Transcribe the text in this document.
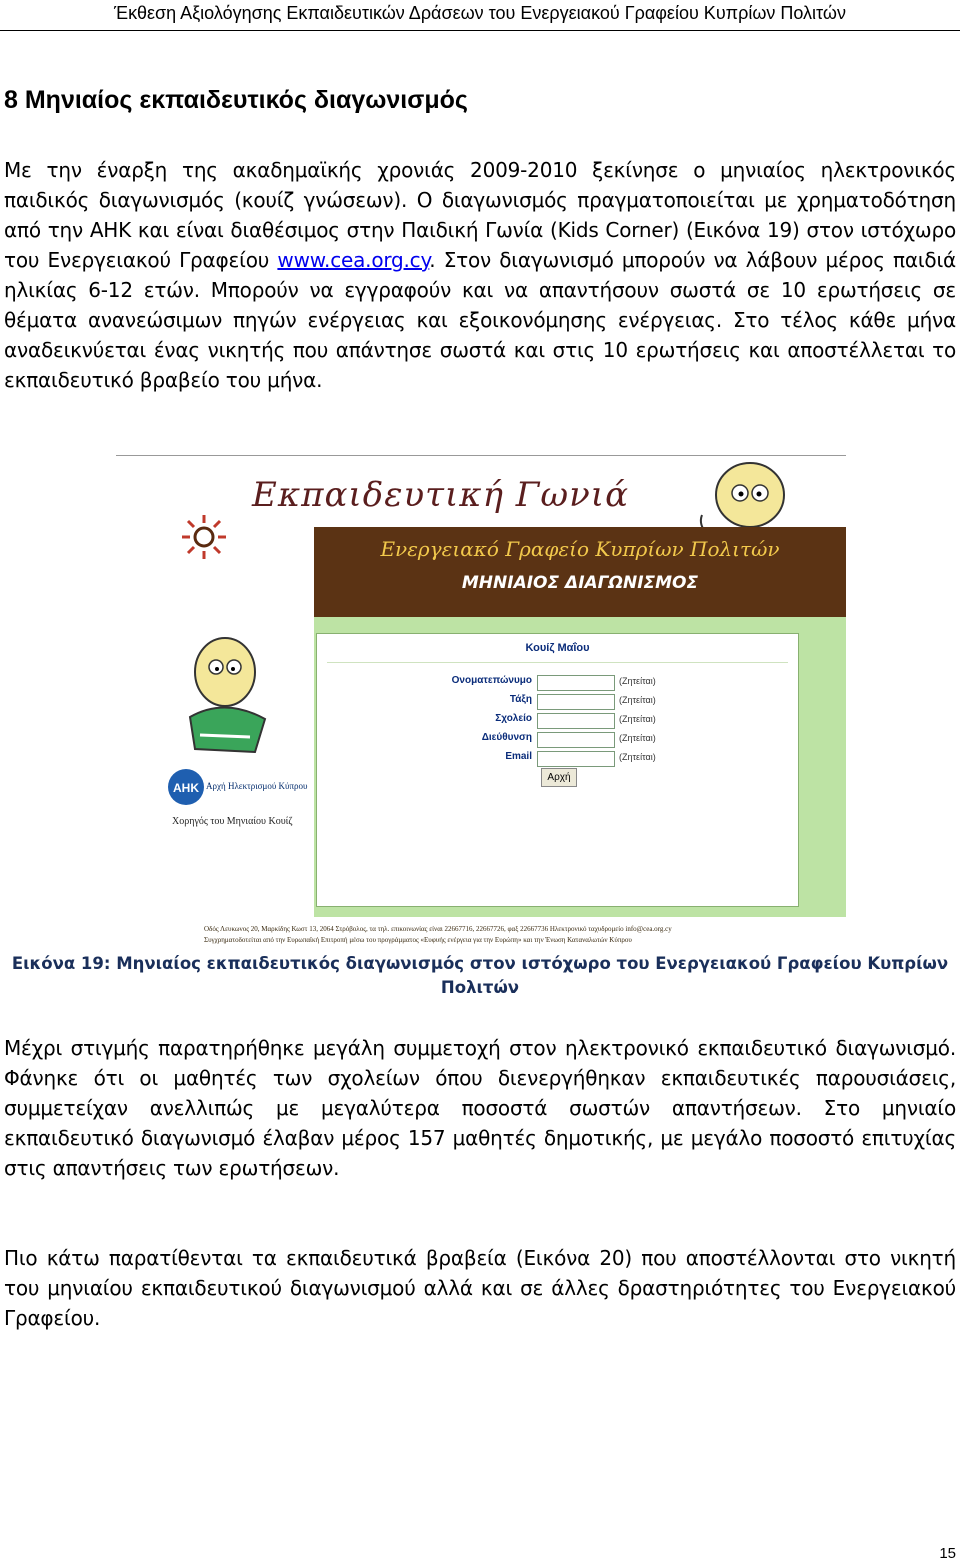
Έκθεση Αξιολόγησης Εκπαιδευτικών Δράσεων του Ενεργειακού Γραφείου Κυπρίων Πολιτών
8 Μηνιαίος εκπαιδευτικός διαγωνισμός

Με την έναρξη της ακαδημαϊκής χρονιάς 2009-2010 ξεκίνησε ο μηνιαίος ηλεκτρονικός παιδικός διαγωνισμός (κουίζ γνώσεων). Ο διαγωνισμός πραγματοποιείται με χρηματοδότηση από την ΑΗΚ και είναι διαθέσιμος στην Παιδική Γωνία (Kids Corner) (Εικόνα 19) στον ιστόχωρο του Ενεργειακού Γραφείου www.cea.org.cy. Στον διαγωνισμό μπορούν να λάβουν μέρος παιδιά ηλικίας 6-12 ετών. Μπορούν να εγγραφούν και να απαντήσουν σωστά σε 10 ερωτήσεις σε θέματα ανανεώσιμων πηγών ενέργειας και εξοικονόμησης ενέργειας. Στο τέλος κάθε μήνα αναδεικνύεται ένας νικητής που απάντησε σωστά και στις 10 ερωτήσεις και αποστέλλεται το εκπαιδευτικό βραβείο του μήνα.

Εκπαιδευτική Γωνιά
Ενεργειακό Γραφείο Κυπρίων Πολιτών
ΜΗΝΙΑΙΟΣ ΔΙΑΓΩΝΙΣΜΟΣ
AHK Αρχή Ηλεκτρισμού Κύπρου
Χορηγός του Μηνιαίου Κουίζ
Κουίζ Μαΐου
Ονοματεπώνυμο	(Ζητείται)
Τάξη	(Ζητείται)
Σχολείο	(Ζητείται)
Διεύθυνση	(Ζητείται)
Email	(Ζητείται)
Αρχή
Οδός Λευκωνος 20, Μαρκίδης Κωστ 13, 2064 Στρόβολος, τα τηλ. επικοινωνίας είναι 22667716, 22667726, φαξ 22667736 Ηλεκτρονικό ταχυδρομείο info@cea.org.cy
Συγχρηματοδοτείται από την Ευρωπαϊκή Επιτροπή μέσω του προγράμματος «Ευφυής ενέργεια για την Ευρώπη» και την Ένωση Καταναλωτών Κύπρου

Εικόνα 19: Μηνιαίος εκπαιδευτικός διαγωνισμός στον ιστόχωρο του Ενεργειακού Γραφείου Κυπρίων Πολιτών

Μέχρι στιγμής παρατηρήθηκε μεγάλη συμμετοχή στον ηλεκτρονικό εκπαιδευτικό διαγωνισμό. Φάνηκε ότι οι μαθητές των σχολείων όπου διενεργήθηκαν εκπαιδευτικές παρουσιάσεις, συμμετείχαν ανελλιπώς με μεγαλύτερα ποσοστά σωστών απαντήσεων. Στο μηνιαίο εκπαιδευτικό διαγωνισμό έλαβαν μέρος 157 μαθητές δημοτικής, με μεγάλο ποσοστό επιτυχίας στις απαντήσεις των ερωτήσεων.

Πιο κάτω παρατίθενται τα εκπαιδευτικά βραβεία (Εικόνα 20) που αποστέλλονται στο νικητή του μηνιαίου εκπαιδευτικού διαγωνισμού αλλά και σε άλλες δραστηριότητες του Ενεργειακού Γραφείου.

15
